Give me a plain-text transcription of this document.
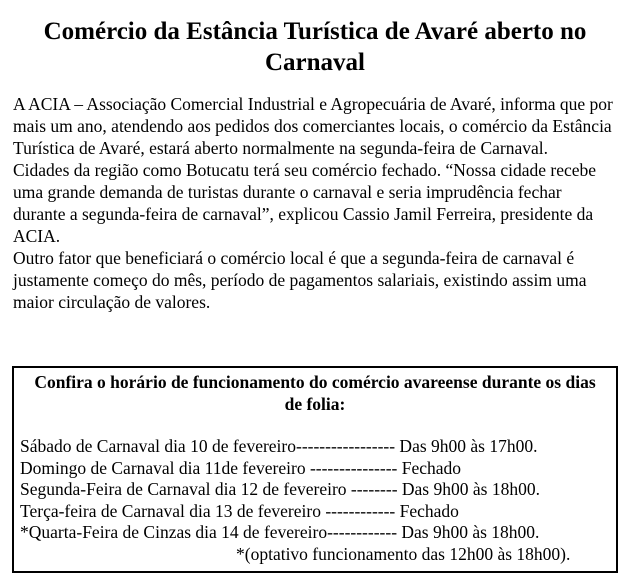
Comércio da Estância Turística de Avaré aberto no Carnaval

A ACIA – Associação Comercial Industrial e Agropecuária de Avaré, informa que por mais um ano, atendendo aos pedidos dos comerciantes locais, o comércio da Estância Turística de Avaré, estará aberto normalmente na segunda-feira de Carnaval.

Cidades da região como Botucatu terá seu comércio fechado. “Nossa cidade recebe uma grande demanda de turistas durante o carnaval e seria imprudência fechar durante a segunda-feira de carnaval”, explicou Cassio Jamil Ferreira, presidente da ACIA.

Outro fator que beneficiará o comércio local é que a segunda-feira de carnaval é justamente começo do mês, período de pagamentos salariais, existindo assim uma maior circulação de valores.

Confira o horário de funcionamento do comércio avareense durante os dias de folia:
Sábado de Carnaval dia 10 de fevereiro----------------- Das 9h00 às 17h00.
Domingo de Carnaval dia 11de fevereiro --------------- Fechado
Segunda-Feira de Carnaval dia 12 de fevereiro -------- Das 9h00 às 18h00.
Terça-feira de Carnaval dia 13 de fevereiro ------------ Fechado
*Quarta-Feira de Cinzas dia 14 de fevereiro------------ Das 9h00 às 18h00.
*(optativo funcionamento das 12h00 às 18h00).
